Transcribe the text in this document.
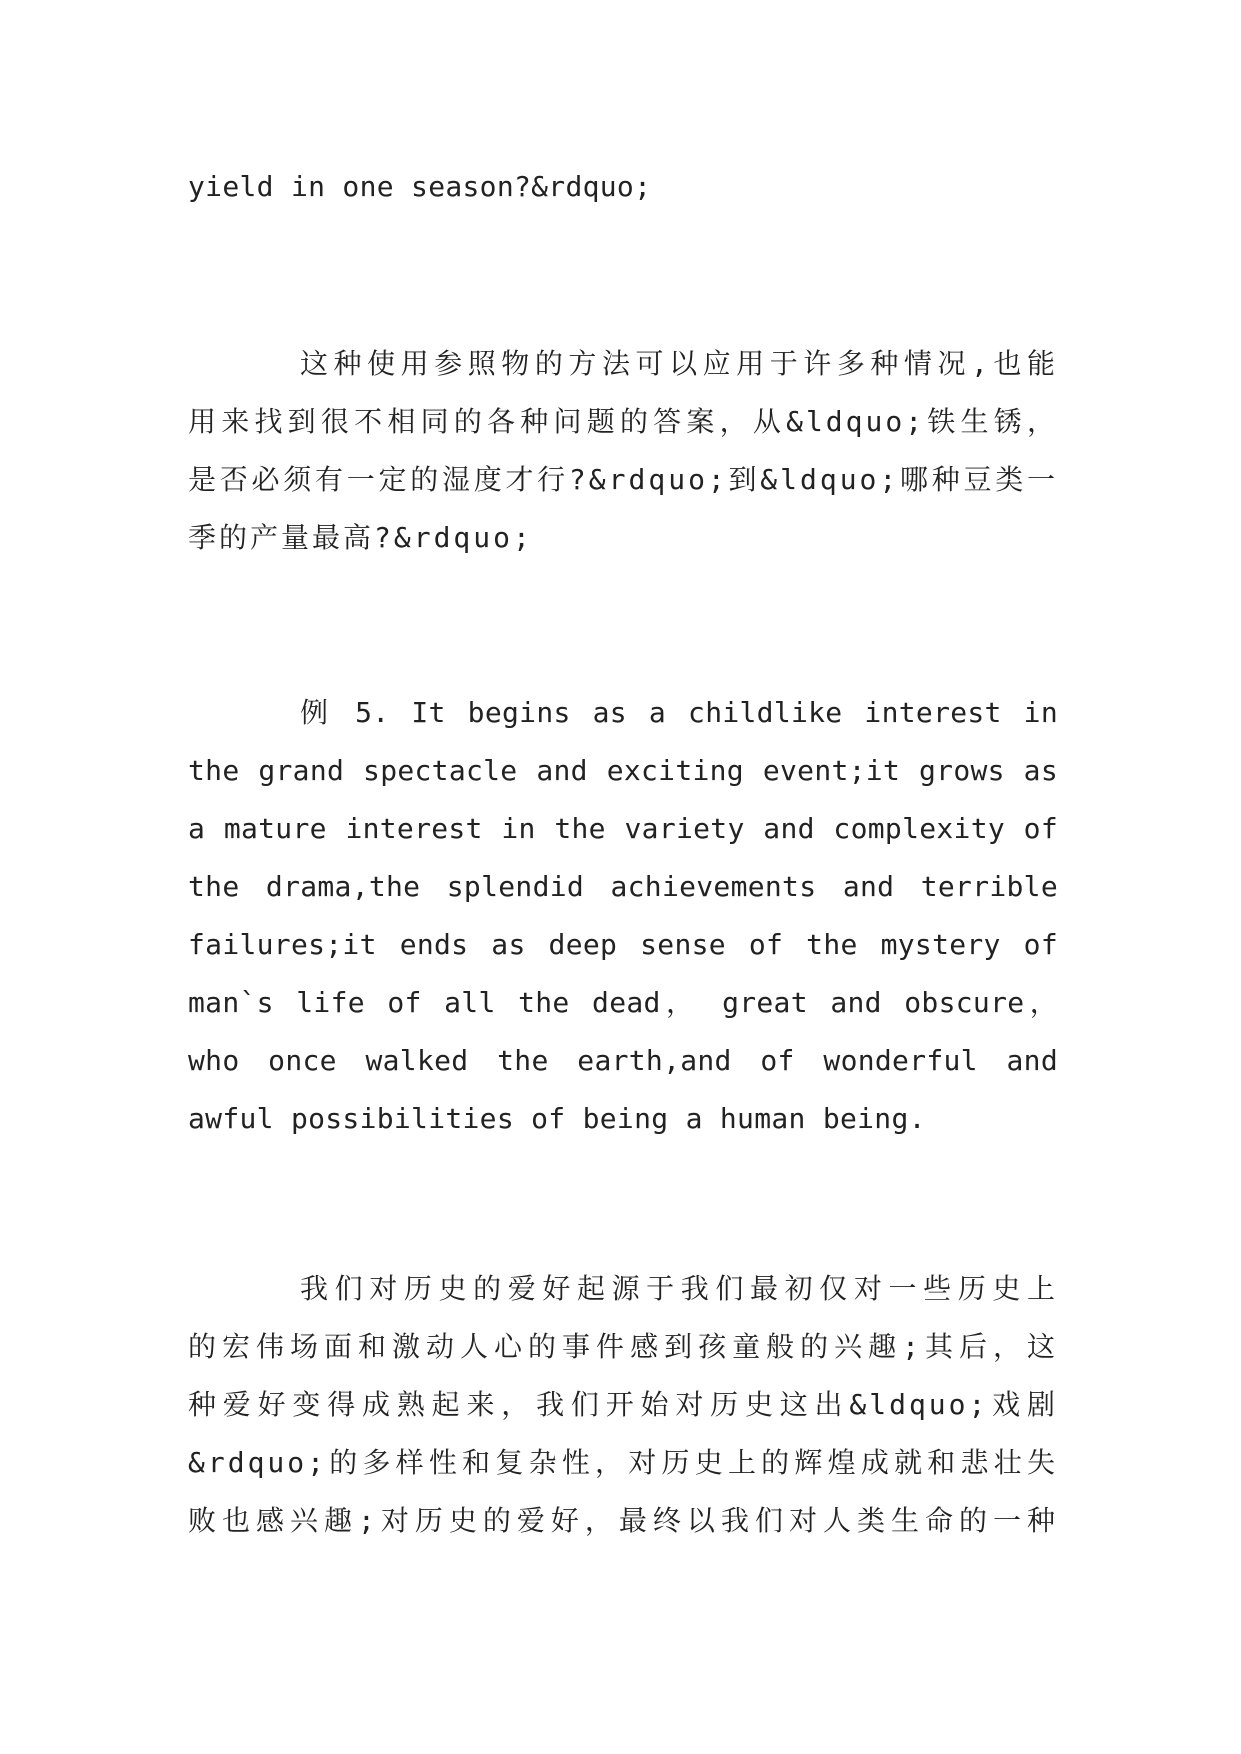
yield in one season?&rdquo;
这种使用参照物的方法可以应用于许多种情况,也能
用来找到很不相同的各种问题的答案，从&ldquo;铁生锈，
是否必须有一定的湿度才行?&rdquo;到&ldquo;哪种豆类一
季的产量最高?&rdquo;
例 5. It begins as a childlike interest in
the grand spectacle and exciting event;it grows as
a mature interest in the variety and complexity of
the drama,the splendid achievements and terrible
failures;it ends as deep sense of the mystery of
man`s life of all the dead， great and obscure，
who once walked the earth,and of wonderful and
awful possibilities of being a human being.
我们对历史的爱好起源于我们最初仅对一些历史上
的宏伟场面和激动人心的事件感到孩童般的兴趣;其后，这
种爱好变得成熟起来，我们开始对历史这出&ldquo;戏剧
&rdquo;的多样性和复杂性，对历史上的辉煌成就和悲壮失
败也感兴趣;对历史的爱好，最终以我们对人类生命的一种
